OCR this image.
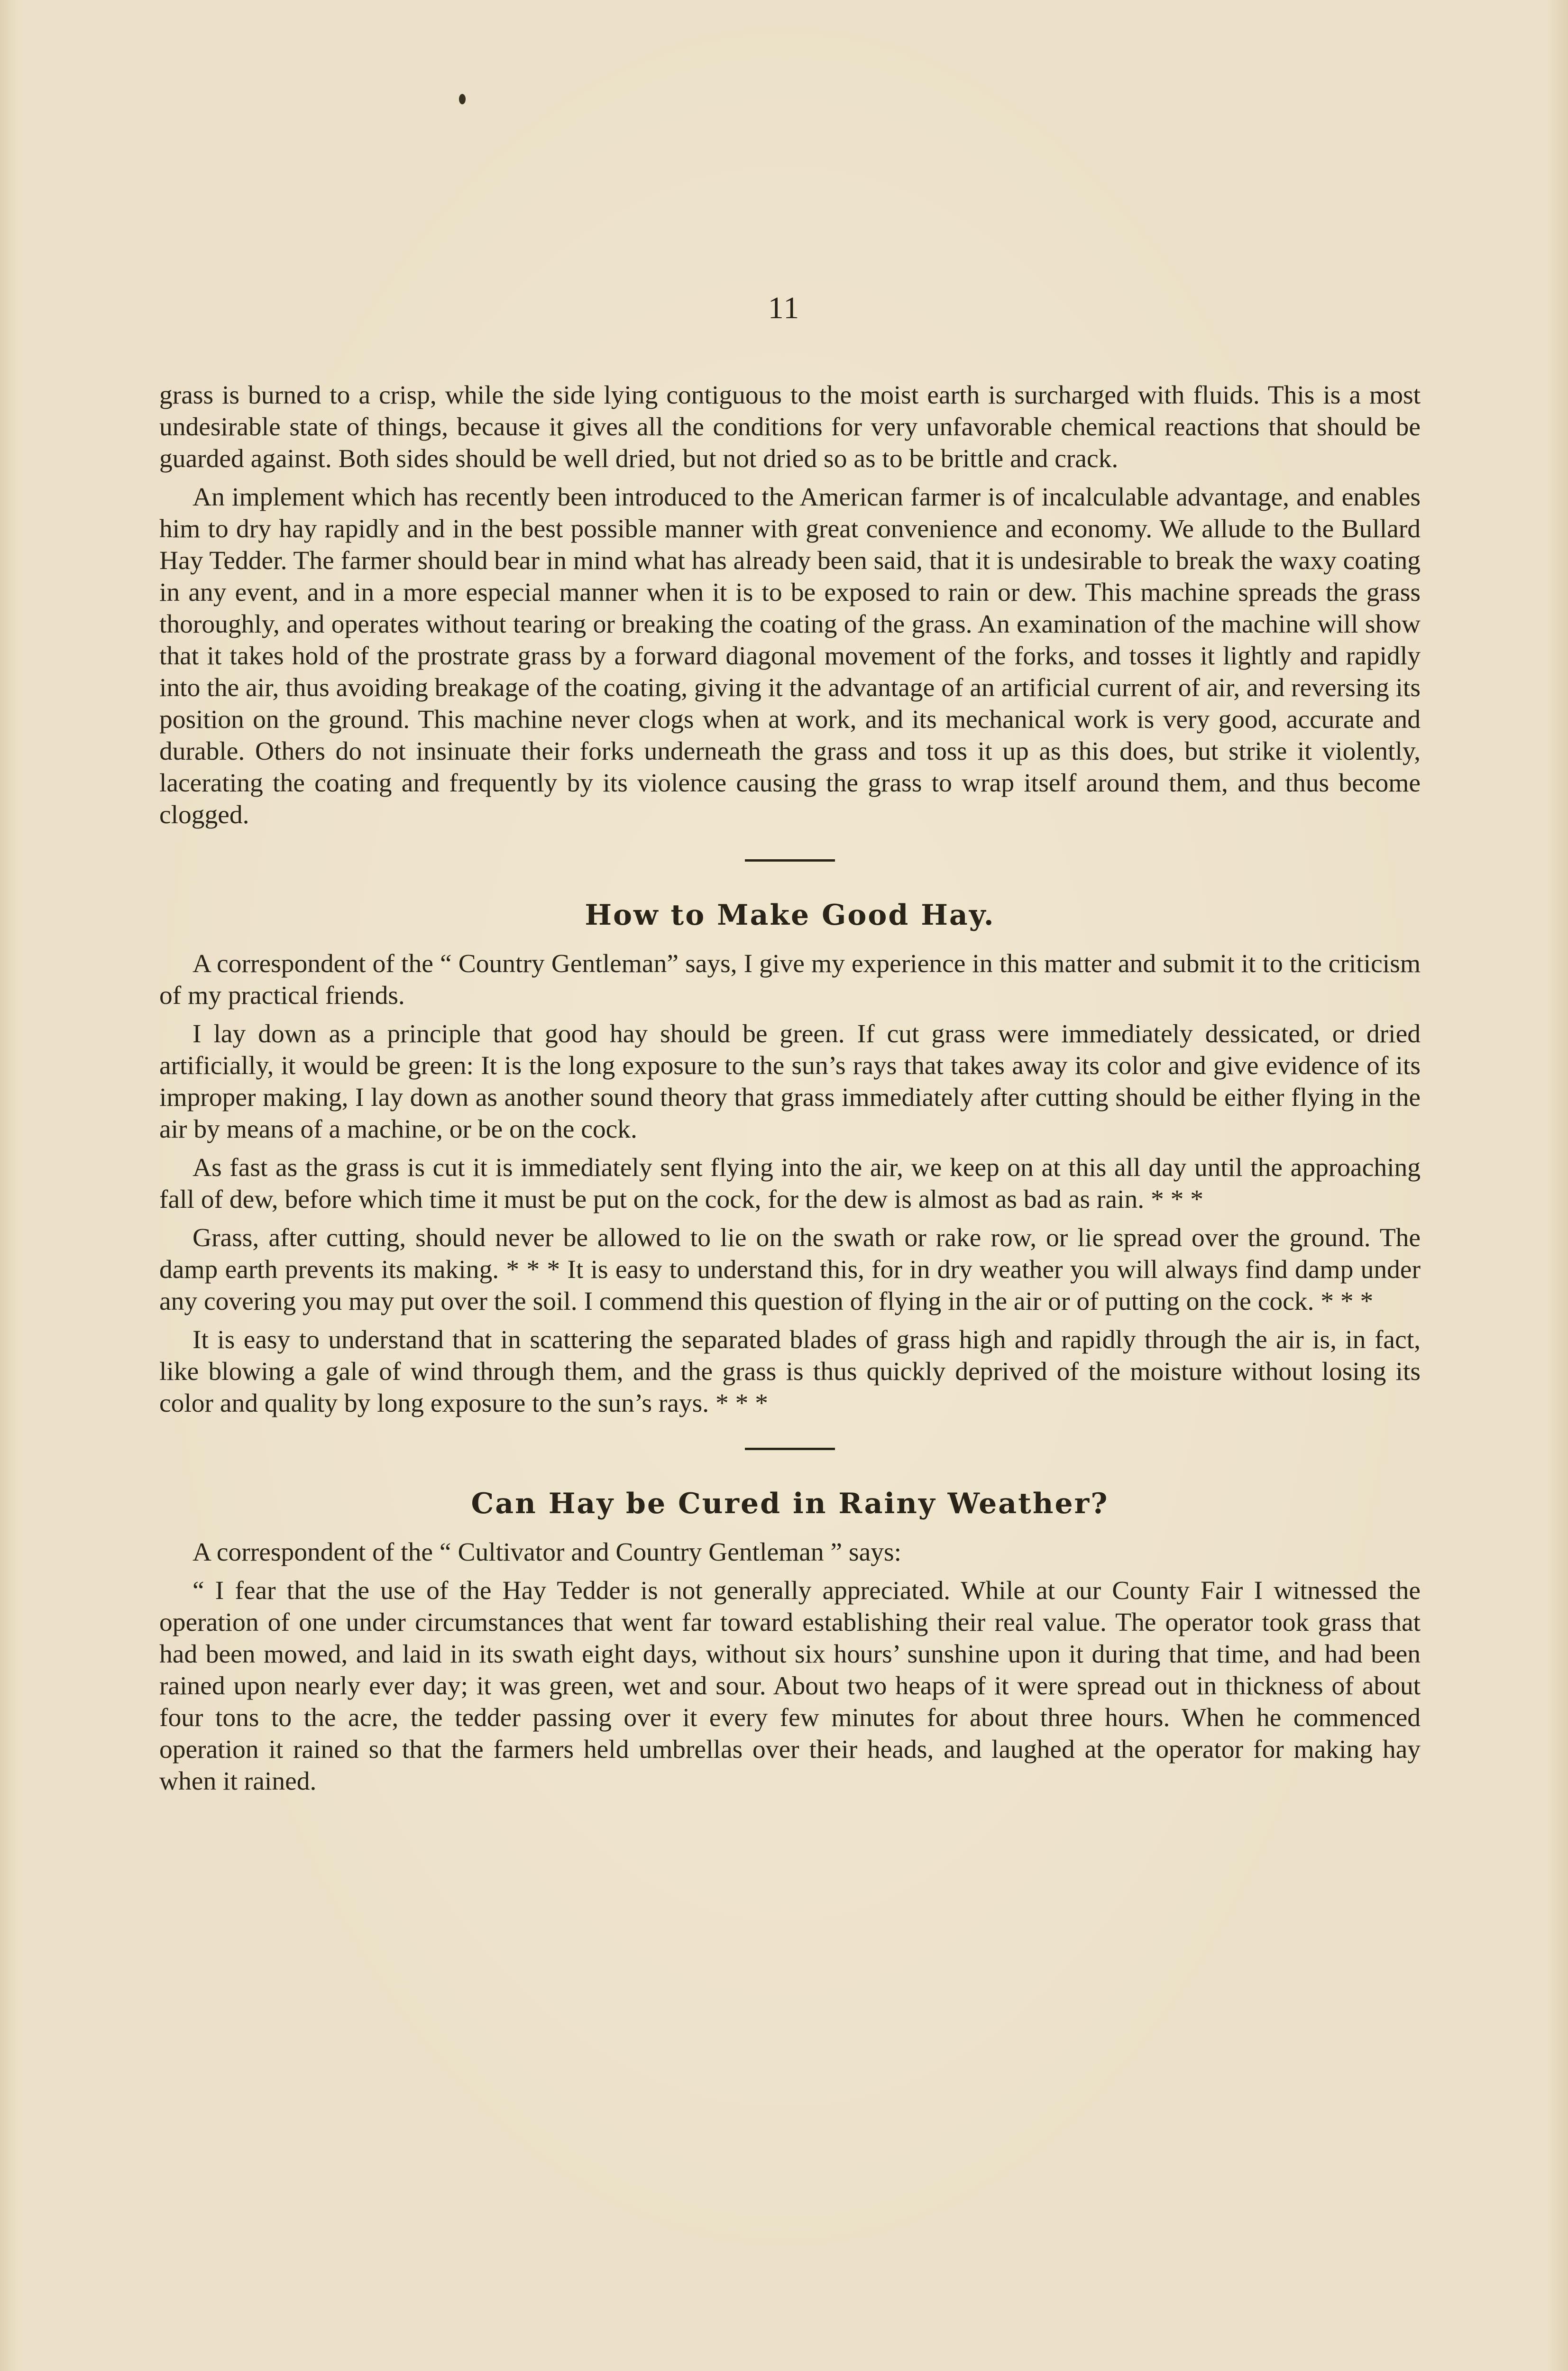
11

grass is burned to a crisp, while the side lying contiguous to the moist earth is surcharged with fluids. This is a most undesirable state of things, because it gives all the conditions for very unfavorable chemical reactions that should be guarded against. Both sides should be well dried, but not dried so as to be brittle and crack.

An implement which has recently been introduced to the American farmer is of incalculable advantage, and enables him to dry hay rapidly and in the best possible manner with great convenience and economy. We allude to the Bullard Hay Tedder. The farmer should bear in mind what has already been said, that it is undesirable to break the waxy coating in any event, and in a more especial manner when it is to be exposed to rain or dew. This machine spreads the grass thoroughly, and operates without tearing or breaking the coating of the grass. An examination of the machine will show that it takes hold of the prostrate grass by a forward diagonal movement of the forks, and tosses it lightly and rapidly into the air, thus avoiding breakage of the coating, giving it the advantage of an artificial current of air, and reversing its position on the ground. This machine never clogs when at work, and its mechanical work is very good, accurate and durable. Others do not insinuate their forks underneath the grass and toss it up as this does, but strike it violently, lacerating the coating and frequently by its violence causing the grass to wrap itself around them, and thus become clogged.

How to Make Good Hay.

A correspondent of the “ Country Gentleman” says, I give my experience in this matter and submit it to the criticism of my practical friends.

I lay down as a principle that good hay should be green. If cut grass were immediately dessicated, or dried artificially, it would be green: It is the long exposure to the sun’s rays that takes away its color and give evidence of its improper making, I lay down as another sound theory that grass immediately after cutting should be either flying in the air by means of a machine, or be on the cock.

As fast as the grass is cut it is immediately sent flying into the air, we keep on at this all day until the approaching fall of dew, before which time it must be put on the cock, for the dew is almost as bad as rain. * * *

Grass, after cutting, should never be allowed to lie on the swath or rake row, or lie spread over the ground. The damp earth prevents its making. * * * It is easy to understand this, for in dry weather you will always find damp under any covering you may put over the soil. I commend this question of flying in the air or of putting on the cock. * * *

It is easy to understand that in scattering the separated blades of grass high and rapidly through the air is, in fact, like blowing a gale of wind through them, and the grass is thus quickly deprived of the moisture without losing its color and quality by long exposure to the sun’s rays. * * *

Can Hay be Cured in Rainy Weather?

A correspondent of the “ Cultivator and Country Gentleman ” says:

“ I fear that the use of the Hay Tedder is not generally appreciated. While at our County Fair I witnessed the operation of one under circumstances that went far toward establishing their real value. The operator took grass that had been mowed, and laid in its swath eight days, without six hours’ sunshine upon it during that time, and had been rained upon nearly ever day; it was green, wet and sour. About two heaps of it were spread out in thickness of about four tons to the acre, the tedder passing over it every few minutes for about three hours. When he commenced operation it rained so that the farmers held umbrellas over their heads, and laughed at the operator for making hay when it rained.
